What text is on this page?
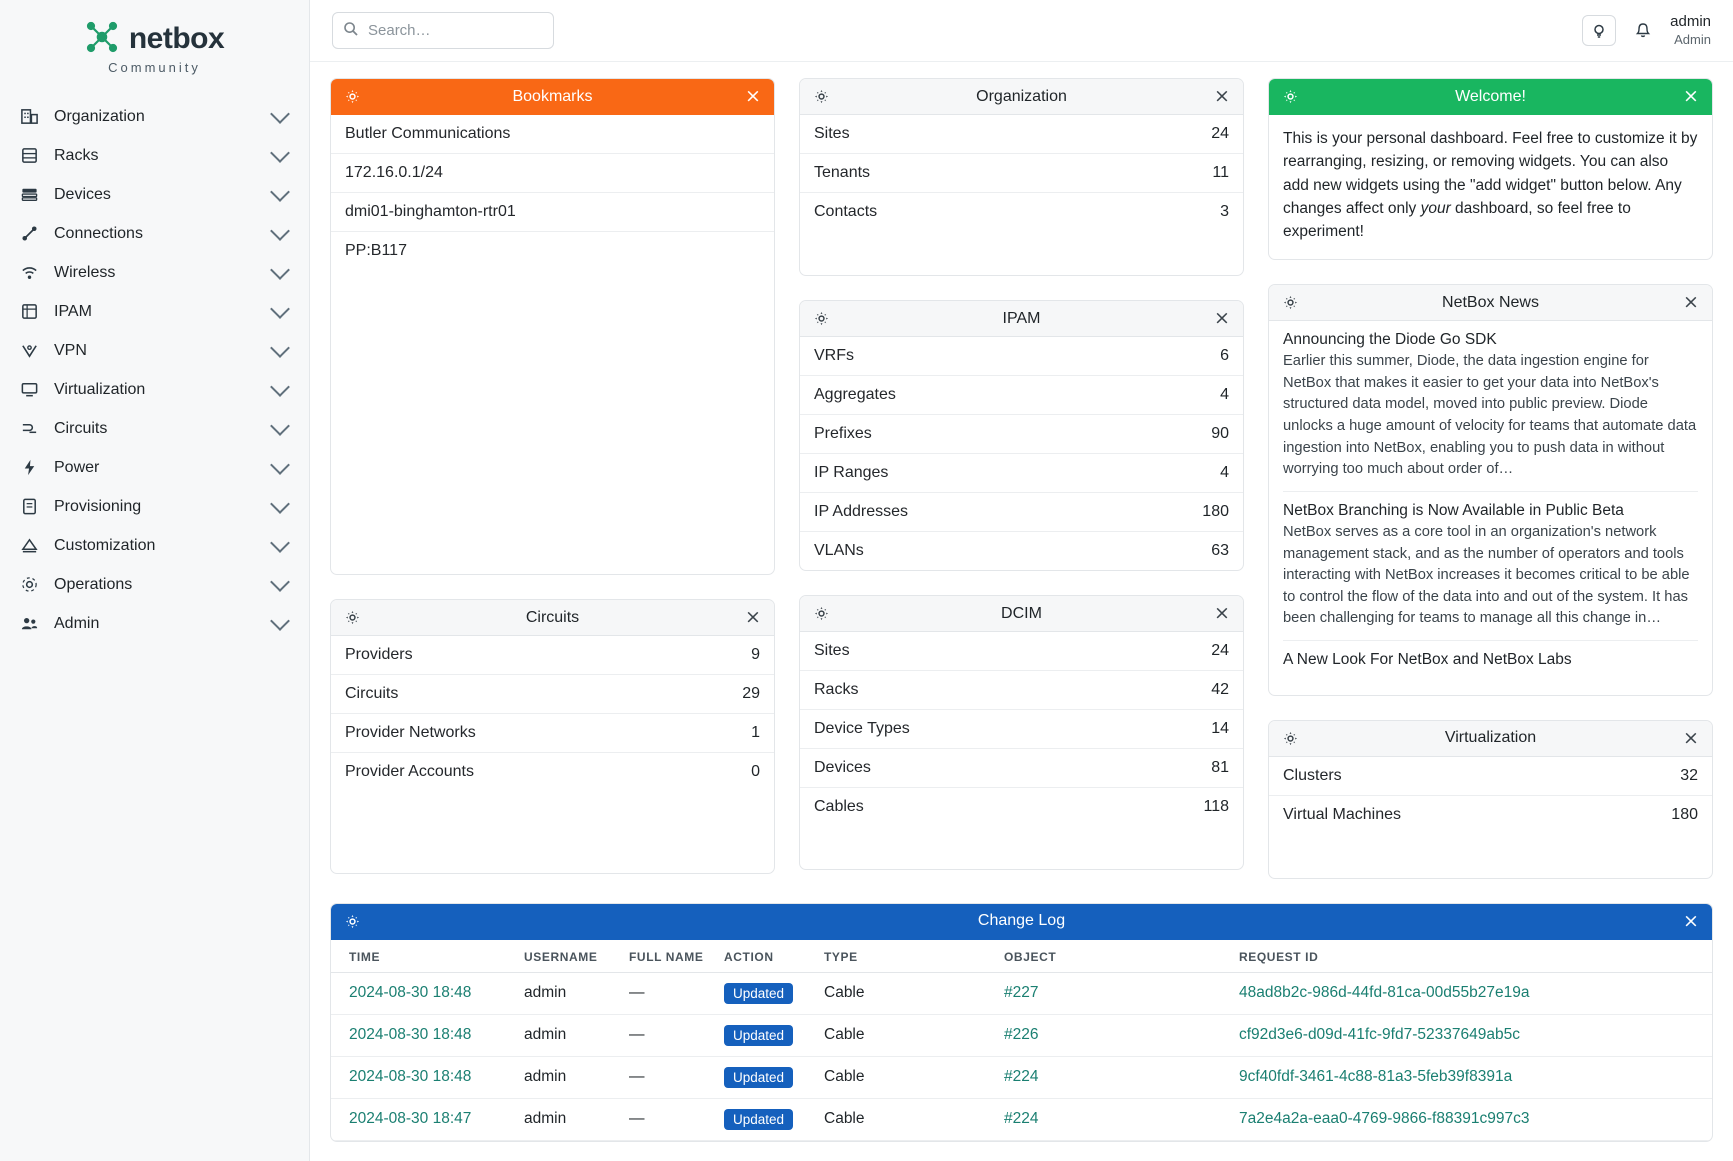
netbox
Community
Organization
Racks
Devices
Connections
Wireless
IPAM
VPN
Virtualization
Circuits
Power
Provisioning
Customization
Operations
Admin
Search…
admin
Admin
Bookmarks	×
Butler Communications
172.16.0.1/24
dmi01-binghamton-rtr01
PP:B117
Circuits	×
Providers	9
Circuits	29
Provider Networks	1
Provider Accounts	0
Organization	×
Sites	24
Tenants	11
Contacts	3
IPAM	×
VRFs	6
Aggregates	4
Prefixes	90
IP Ranges	4
IP Addresses	180
VLANs	63
DCIM	×
Sites	24
Racks	42
Device Types	14
Devices	81
Cables	118
Welcome!	×
This is your personal dashboard. Feel free to customize it by rearranging, resizing, or removing widgets. You can also add new widgets using the "add widget" button below. Any changes affect only your dashboard, so feel free to experiment!
NetBox News	×
Announcing the Diode Go SDK
Earlier this summer, Diode, the data ingestion engine for NetBox that makes it easier to get your data into NetBox's structured data model, moved into public preview. Diode unlocks a huge amount of velocity for teams that automate data ingestion into NetBox, enabling you to push data in without worrying too much about order of…
NetBox Branching is Now Available in Public Beta
NetBox serves as a core tool in an organization's network management stack, and as the number of operators and tools interacting with NetBox increases it becomes critical to be able to control the flow of the data into and out of the system. It has been challenging for teams to manage all this change in…
A New Look For NetBox and NetBox Labs
Virtualization	×
Clusters	32
Virtual Machines	180
Change Log	×
TIME	USERNAME	FULL NAME	ACTION	TYPE	OBJECT	REQUEST ID
2024-08-30 18:48	admin	—	Updated	Cable	#227	48ad8b2c-986d-44fd-81ca-00d55b27e19a
2024-08-30 18:48	admin	—	Updated	Cable	#226	cf92d3e6-d09d-41fc-9fd7-52337649ab5c
2024-08-30 18:48	admin	—	Updated	Cable	#224	9cf40fdf-3461-4c88-81a3-5feb39f8391a
2024-08-30 18:47	admin	—	Updated	Cable	#224	7a2e4a2a-eaa0-4769-9866-f88391c997c3
